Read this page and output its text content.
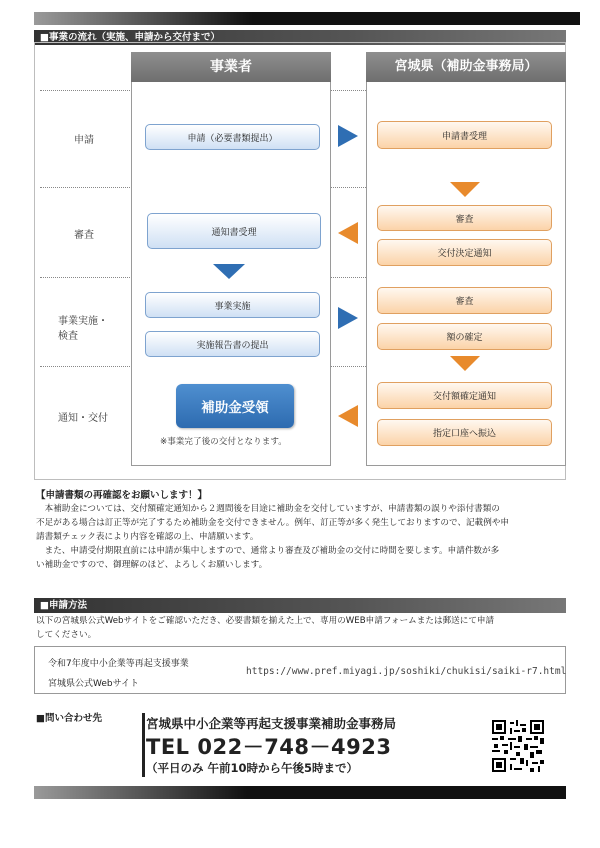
■事業の流れ（実施、申請から交付まで）
事業者	宮城県（補助金事務局）
申請
審査
事業実施・
検査
通知・交付
申請（必要書類提出）
通知書受理
事業実施
実施報告書の提出
補助金受領
※事業完了後の交付となります。
申請書受理
審査
交付決定通知
審査
額の確定
交付額確定通知
指定口座へ振込
【申請書類の再確認をお願いします！】
　本補助金については、交付額確定通知から２週間後を目途に補助金を交付していますが、申請書類の誤りや添付書類の
不足がある場合は訂正等が完了するため補助金を交付できません。例年、訂正等が多く発生しておりますので、記載例や申
請書類チェック表により内容を確認の上、申請願います。
　また、申請受付期限直前には申請が集中しますので、通常より審査及び補助金の交付に時間を要します。申請件数が多
い補助金ですので、御理解のほど、よろしくお願いします。
■申請方法
以下の宮城県公式Webサイトをご確認いただき、必要書類を揃えた上で、専用のWEB申請フォームまたは郵送にて申請
してください。
令和7年度中小企業等再起支援事業
宮城県公式Webサイト
https://www.pref.miyagi.jp/soshiki/chukisi/saiki-r7.html
■問い合わせ先	宮城県中小企業等再起支援事業補助金事務局
TEL 022－748－4923
（平日のみ 午前10時から午後5時まで）
